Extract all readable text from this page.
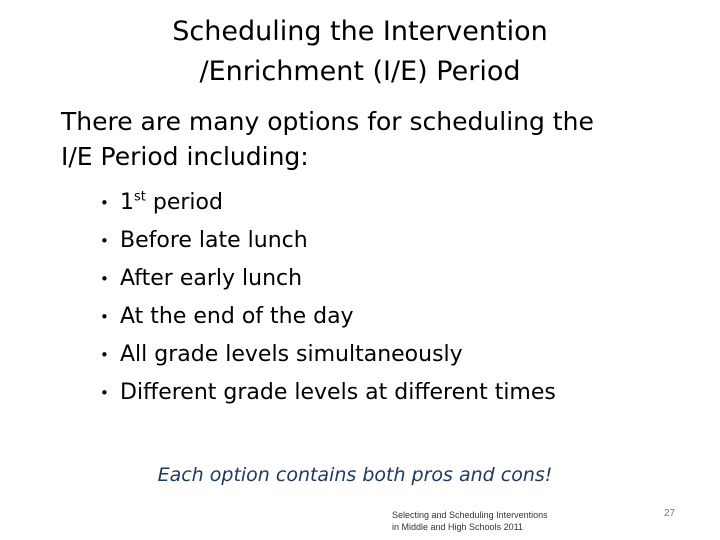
Scheduling the Intervention
/Enrichment (I/E) Period
There are many options for scheduling the
I/E Period including:
• 1st period
• Before late lunch
• After early lunch
• At the end of the day
• All grade levels simultaneously
• Different grade levels at different times
Each option contains both pros and cons!
Selecting and Scheduling Interventions
in Middle and High Schools 2011
27
